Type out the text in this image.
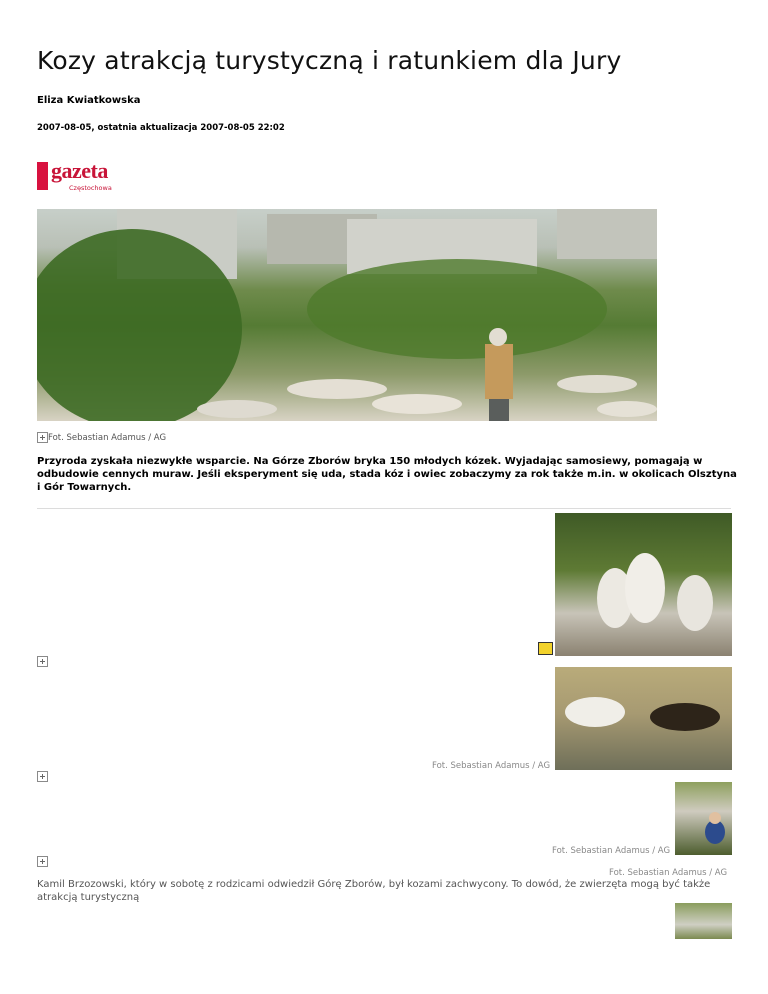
Kozy atrakcją turystyczną i ratunkiem dla Jury
Eliza Kwiatkowska
2007-08-05, ostatnia aktualizacja 2007-08-05 22:02
gazeta
Częstochowa
Fot. Sebastian Adamus / AG
Przyroda zyskała niezwykłe wsparcie. Na Górze Zborów bryka 150 młodych kózek. Wyjadając samosiewy, pomagają w odbudowie cennych muraw. Jeśli eksperyment się uda, stada kóz i owiec zobaczymy za rok także m.in. w okolicach Olsztyna i Gór Towarnych.
Fot. Sebastian Adamus / AG
Fot. Sebastian Adamus / AG
Fot. Sebastian Adamus / AG
Kamil Brzozowski, który w sobotę z rodzicami odwiedził Górę Zborów, był kozami zachwycony. To dowód, że zwierzęta mogą być także atrakcją turystyczną
